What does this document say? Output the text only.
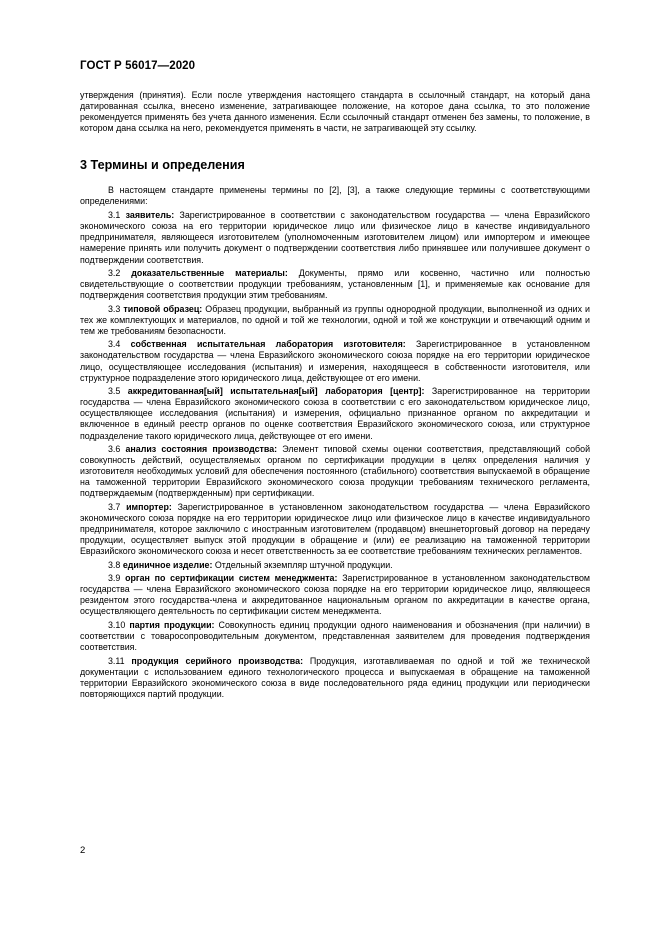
ГОСТ Р 56017—2020

утверждения (принятия). Если после утверждения настоящего стандарта в ссылочный стандарт, на который дана датированная ссылка, внесено изменение, затрагивающее положение, на которое дана ссылка, то это положение рекомендуется применять без учета данного изменения. Если ссылочный стандарт отменен без замены, то положение, в котором дана ссылка на него, рекомендуется применять в части, не затрагивающей эту ссылку.

3 Термины и определения

В настоящем стандарте применены термины по [2], [3], а также следующие термины с соответствующими определениями:

3.1 заявитель: Зарегистрированное в соответствии с законодательством государства — члена Евразийского экономического союза на его территории юридическое лицо или физическое лицо в качестве индивидуального предпринимателя, являющееся изготовителем (уполномоченным изготовителем лицом) или импортером и имеющее намерение принять или получить документ о подтверждении соответствия либо принявшее или получившее документ о подтверждении соответствия.

3.2 доказательственные материалы: Документы, прямо или косвенно, частично или полностью свидетельствующие о соответствии продукции требованиям, установленным [1], и применяемые как основание для подтверждения соответствия продукции этим требованиям.

3.3 типовой образец: Образец продукции, выбранный из группы однородной продукции, выполненной из одних и тех же комплектующих и материалов, по одной и той же технологии, одной и той же конструкции и отвечающий одним и тем же требованиям безопасности.

3.4 собственная испытательная лаборатория изготовителя: Зарегистрированное в установленном законодательством государства — члена Евразийского экономического союза порядке на его территории юридическое лицо, осуществляющее исследования (испытания) и измерения, находящееся в собственности изготовителя, или структурное подразделение этого юридического лица, действующее от его имени.

3.5 аккредитованная[ый] испытательная[ый] лаборатория [центр]: Зарегистрированное на территории государства — члена Евразийского экономического союза в соответствии с его законодательством юридическое лицо, осуществляющее исследования (испытания) и измерения, официально признанное органом по аккредитации и включенное в единый реестр органов по оценке соответствия Евразийского экономического союза, или структурное подразделение такого юридического лица, действующее от его имени.

3.6 анализ состояния производства: Элемент типовой схемы оценки соответствия, представляющий собой совокупность действий, осуществляемых органом по сертификации продукции в целях определения наличия у изготовителя необходимых условий для обеспечения постоянного (стабильного) соответствия выпускаемой в обращение на таможенной территории Евразийского экономического союза продукции требованиям технического регламента, подтверждаемым (подтвержденным) при сертификации.

3.7 импортер: Зарегистрированное в установленном законодательством государства — члена Евразийского экономического союза порядке на его территории юридическое лицо или физическое лицо в качестве индивидуального предпринимателя, которое заключило с иностранным изготовителем (продавцом) внешнеторговый договор на передачу продукции, осуществляет выпуск этой продукции в обращение и (или) ее реализацию на таможенной территории Евразийского экономического союза и несет ответственность за ее соответствие требованиям технических регламентов.

3.8 единичное изделие: Отдельный экземпляр штучной продукции.

3.9 орган по сертификации систем менеджмента: Зарегистрированное в установленном законодательством государства — члена Евразийского экономического союза порядке на его территории юридическое лицо, являющееся резидентом этого государства-члена и аккредитованное национальным органом по аккредитации в качестве органа, осуществляющего деятельность по сертификации систем менеджмента.

3.10 партия продукции: Совокупность единиц продукции одного наименования и обозначения (при наличии) в соответствии с товаросопроводительным документом, представленная заявителем для проведения подтверждения соответствия.

3.11 продукция серийного производства: Продукция, изготавливаемая по одной и той же технической документации с использованием единого технологического процесса и выпускаемая в обращение на таможенной территории Евразийского экономического союза в виде последовательного ряда единиц продукции или периодически повторяющихся партий продукции.

2
